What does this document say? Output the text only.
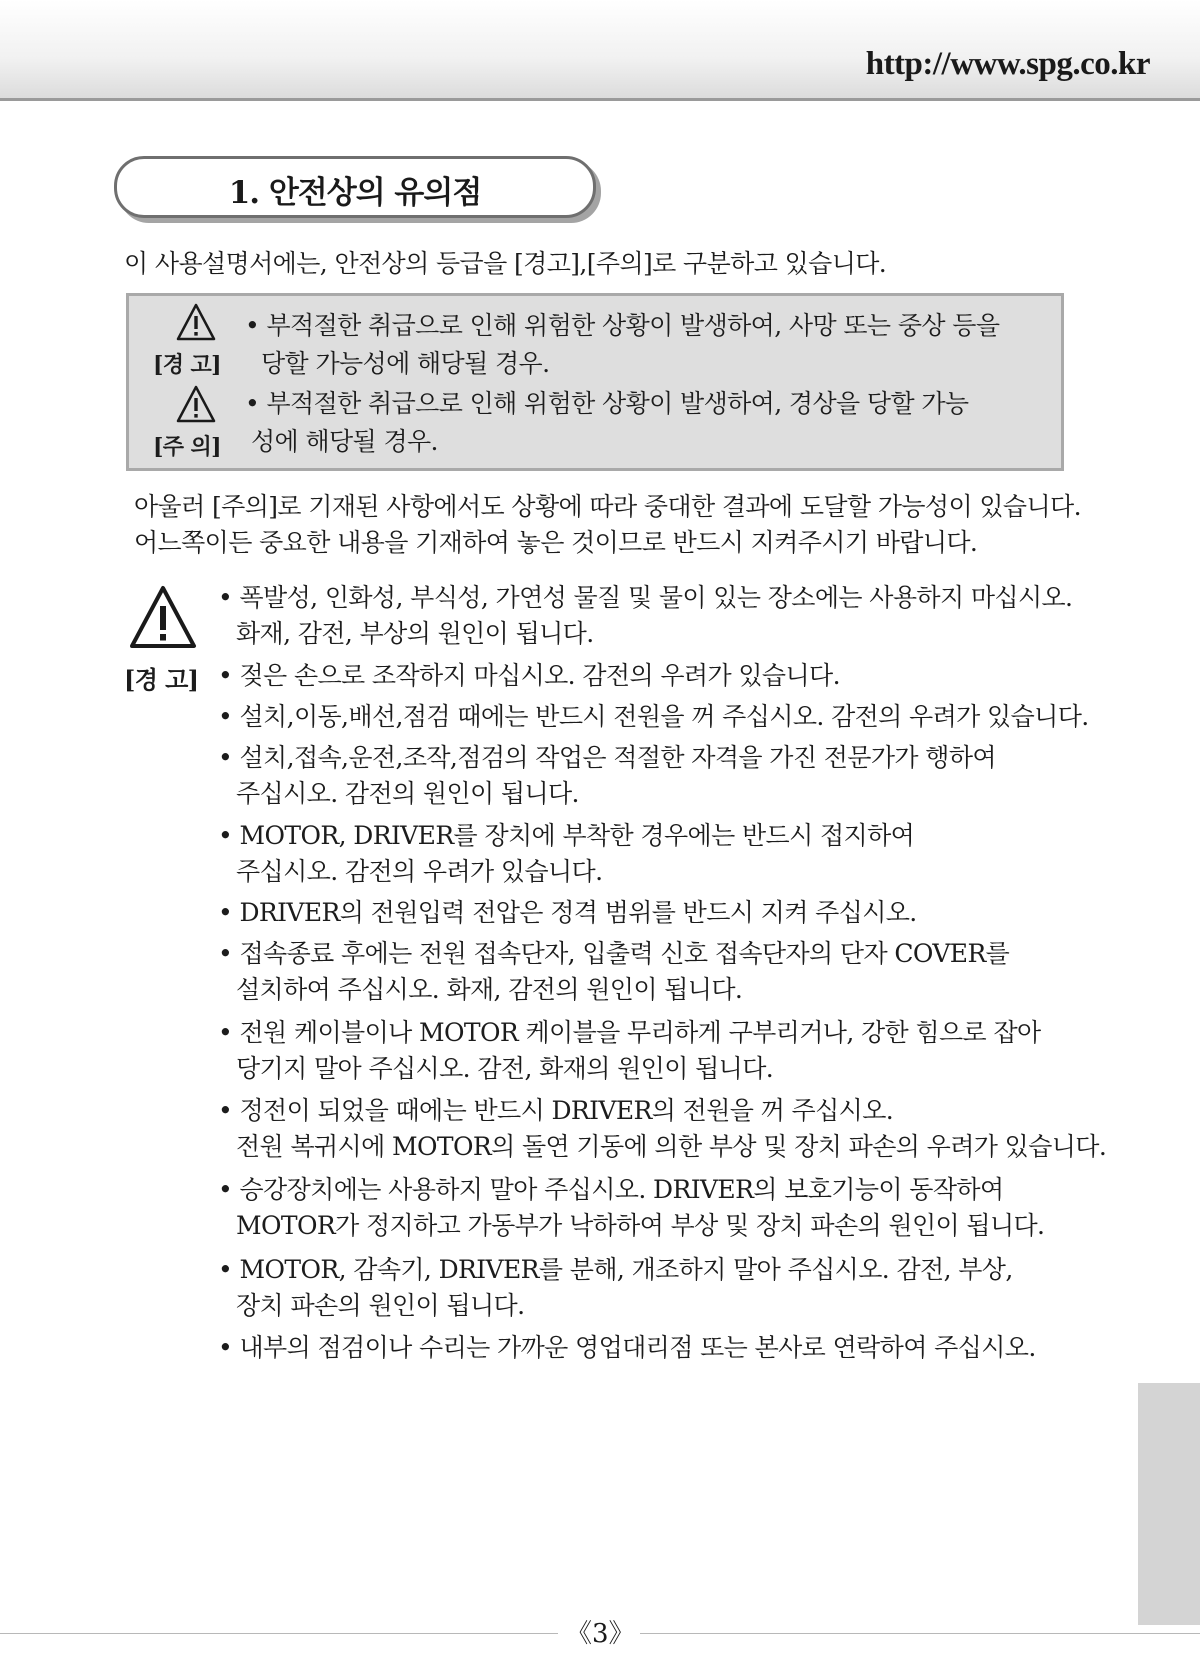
http://www.spg.co.kr
1. 안전상의 유의점
이 사용설명서에는, 안전상의 등급을 [경고],[주의]로 구분하고 있습니다.
[경 고]
• 부적절한 취급으로 인해 위험한 상황이 발생하여, 사망 또는 중상 등을
당할 가능성에 해당될 경우.
[주 의]
• 부적절한 취급으로 인해 위험한 상황이 발생하여, 경상을 당할 가능
성에 해당될 경우.
아울러 [주의]로 기재된 사항에서도 상황에 따라 중대한 결과에 도달할 가능성이 있습니다.
어느쪽이든 중요한 내용을 기재하여 놓은 것이므로 반드시 지켜주시기 바랍니다.
[경 고]
• 폭발성, 인화성, 부식성, 가연성 물질 및 물이 있는 장소에는 사용하지 마십시오.
화재, 감전, 부상의 원인이 됩니다.
• 젖은 손으로 조작하지 마십시오. 감전의 우려가 있습니다.
• 설치,이동,배선,점검 때에는 반드시 전원을 꺼 주십시오. 감전의 우려가 있습니다.
• 설치,접속,운전,조작,점검의 작업은 적절한 자격을 가진 전문가가 행하여
주십시오. 감전의 원인이 됩니다.
• MOTOR, DRIVER를 장치에 부착한 경우에는 반드시 접지하여
주십시오. 감전의 우려가 있습니다.
• DRIVER의 전원입력 전압은 정격 범위를 반드시 지켜 주십시오.
• 접속종료 후에는 전원 접속단자, 입출력 신호 접속단자의 단자 COVER를
설치하여 주십시오. 화재, 감전의 원인이 됩니다.
• 전원 케이블이나 MOTOR 케이블을 무리하게 구부리거나, 강한 힘으로 잡아
당기지 말아 주십시오. 감전, 화재의 원인이 됩니다.
• 정전이 되었을 때에는 반드시 DRIVER의 전원을 꺼 주십시오.
전원 복귀시에 MOTOR의 돌연 기동에 의한 부상 및 장치 파손의 우려가 있습니다.
• 승강장치에는 사용하지 말아 주십시오. DRIVER의 보호기능이 동작하여
MOTOR가 정지하고 가동부가 낙하하여 부상 및 장치 파손의 원인이 됩니다.
• MOTOR, 감속기, DRIVER를 분해, 개조하지 말아 주십시오. 감전, 부상,
장치 파손의 원인이 됩니다.
• 내부의 점검이나 수리는 가까운 영업대리점 또는 본사로 연락하여 주십시오.
《3》
